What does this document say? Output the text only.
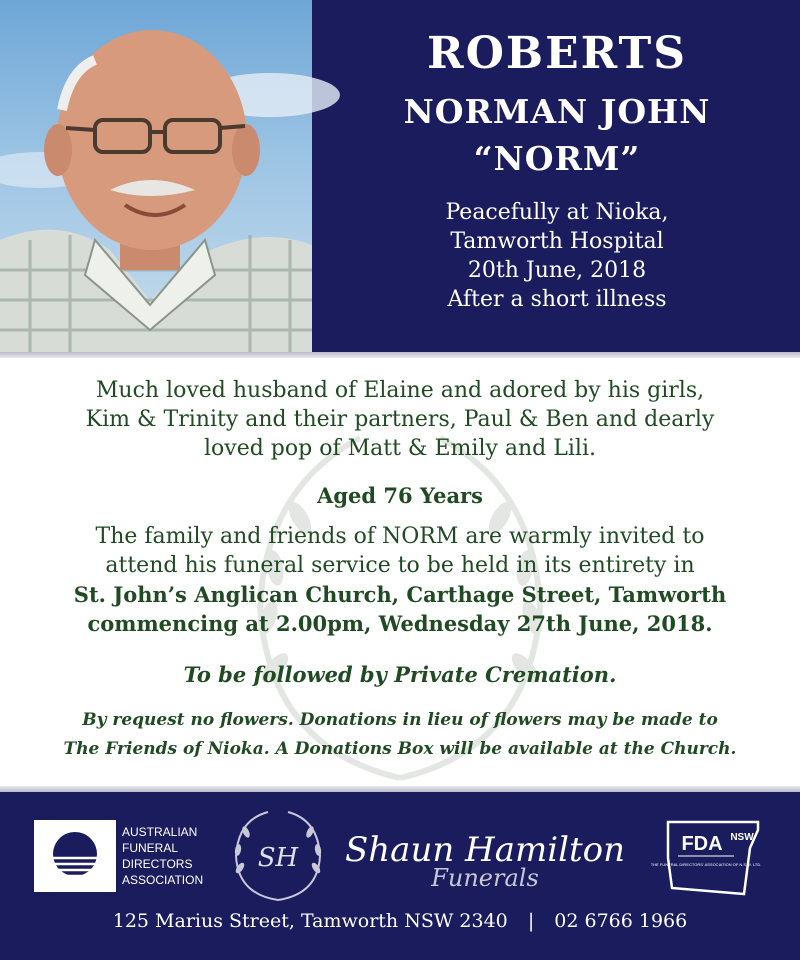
ROBERTS
NORMAN JOHN
“NORM”
Peacefully at Nioka,
Tamworth Hospital
20th June, 2018
After a short illness
Much loved husband of Elaine and adored by his girls,
Kim & Trinity and their partners, Paul & Ben and dearly
loved pop of Matt & Emily and Lili.
Aged 76 Years
The family and friends of NORM are warmly invited to
attend his funeral service to be held in its entirety in
St. John’s Anglican Church, Carthage Street, Tamworth
commencing at 2.00pm, Wednesday 27th June, 2018.
To be followed by Private Cremation.
By request no flowers. Donations in lieu of flowers may be made to
The Friends of Nioka. A Donations Box will be available at the Church.
AUSTRALIAN
FUNERAL
DIRECTORS
ASSOCIATION
SH Shaun Hamilton
Funerals
FDA NSW
THE FUNERAL DIRECTORS' ASSOCIATION OF N.S.W. LTD.
125 Marius Street, Tamworth NSW 2340 | 02 6766 1966
